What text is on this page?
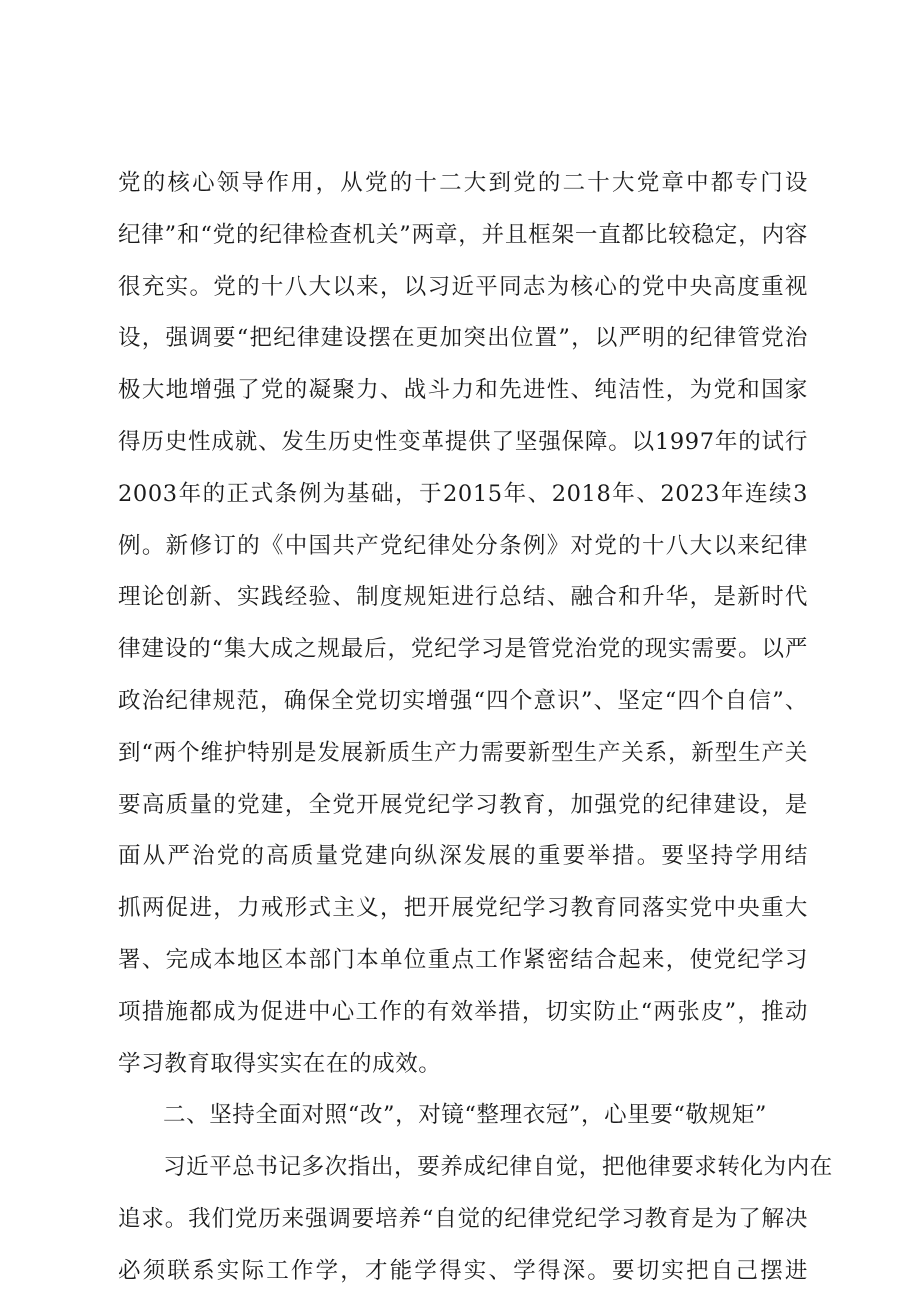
党的核心领导作用，从党的十二大到党的二十大党章中都专门设
纪律”和“党的纪律检查机关”两章，并且框架一直都比较稳定，内容
很充实。党的十八大以来，以习近平同志为核心的党中央高度重视
设，强调要“把纪律建设摆在更加突出位置”，以严明的纪律管党治
极大地增强了党的凝聚力、战斗力和先进性、纯洁性，为党和国家
得历史性成就、发生历史性变革提供了坚强保障。以1997年的试行
2003年的正式条例为基础，于2015年、2018年、2023年连续3
例。新修订的《中国共产党纪律处分条例》对党的十八大以来纪律
理论创新、实践经验、制度规矩进行总结、融合和升华，是新时代
律建设的“集大成之规最后，党纪学习是管党治党的现实需要。以严
政治纪律规范，确保全党切实增强“四个意识”、坚定“四个自信”、
到“两个维护特别是发展新质生产力需要新型生产关系，新型生产关
要高质量的党建，全党开展党纪学习教育，加强党的纪律建设，是
面从严治党的高质量党建向纵深发展的重要举措。要坚持学用结
抓两促进，力戒形式主义，把开展党纪学习教育同落实党中央重大
署、完成本地区本部门本单位重点工作紧密结合起来，使党纪学习
项措施都成为促进中心工作的有效举措，切实防止“两张皮”，推动
学习教育取得实实在在的成效。
二、坚持全面对照“改”，对镜“整理衣冠”，心里要“敬规矩”
习近平总书记多次指出，要养成纪律自觉，把他律要求转化为内在
追求。我们党历来强调要培养“自觉的纪律党纪学习教育是为了解决
必须联系实际工作学，才能学得实、学得深。要切实把自己摆进
